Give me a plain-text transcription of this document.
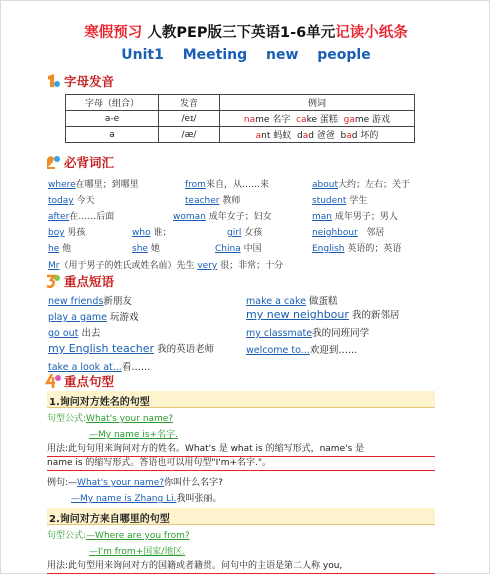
寒假预习 人教PEP版三下英语1-6单元记读小纸条
Unit1 Meeting new people
字母发音
字母（组合）	发音	例词
a-e	/eɪ/	name 名字 cake 蛋糕 game 游戏
a	/æ/	ant 蚂蚁 dad 爸爸 bad 坏的
必背词汇
where在哪里；到哪里	from来自，从……来	about大约；左右；关于
today 今天	teacher 教师	student 学生
after在……后面	woman 成年女子；妇女	man 成年男子；男人
boy 男孩	who 谁；	girl 女孩	neighbour 邻居
he 他	she 她	China 中国	English 英语的；英语
Mr（用于男子的姓氏或姓名前）先生 very 很；非常；十分
重点短语
new friends新朋友	make a cake 做蛋糕
play a game 玩游戏	my new neighbour 我的新邻居
go out 出去	my classmate我的同班同学
my English teacher 我的英语老师	welcome to...欢迎到……
take a look at...看……
重点句型
1.询问对方姓名的句型
句型公式:What's your name?
—My name is+名字.
用法:此句句用来询问对方的姓名。What's 是 what is 的缩写形式，name's 是
name is 的缩写形式。答语也可以用句型"I'm+名字."。
例句:—What's your name?你叫什么名字?
—My name is Zhang Li.我叫张丽。
2.询问对方来自哪里的句型
句型公式:—Where are you from?
—I'm from+国家/地区.
用法:此句型用来询问对方的国籍或者籍贯。问句中的主语是第二人称 you,
